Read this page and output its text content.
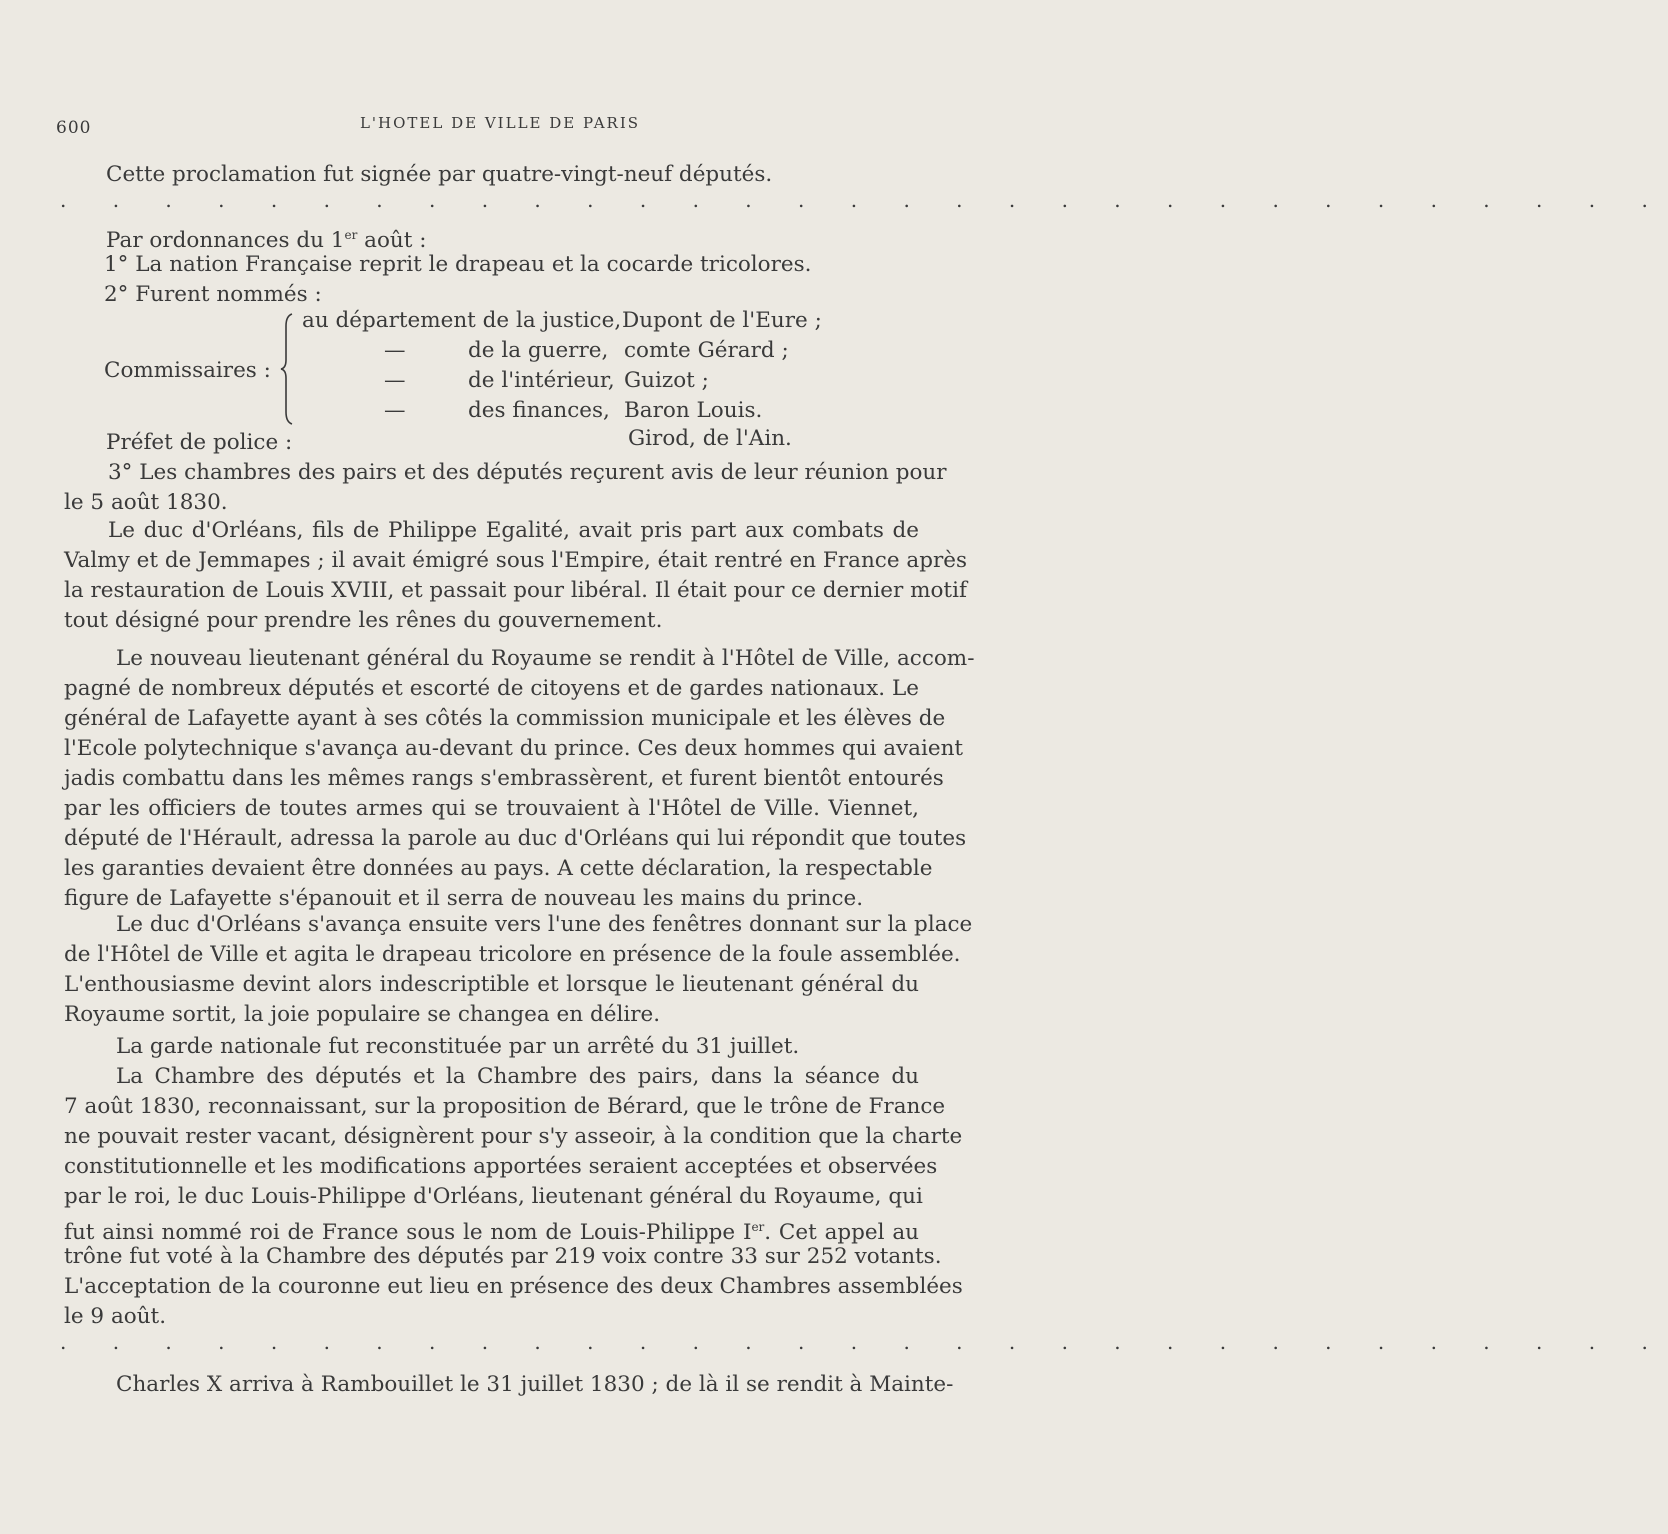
600	L'HOTEL DE VILLE DE PARIS
Cette proclamation fut signée par quatre-vingt-neuf députés.
. . . . . . . . . . . . . . . . . . . . . . . . . . . . . . .
Par ordonnances du 1er août :
1° La nation Française reprit le drapeau et la cocarde tricolores.
2° Furent nommés :
Commissaires :
au département de la justice, Dupont de l'Eure ;
—	de la guerre, comte Gérard ;
—	de l'intérieur, Guizot ;
—	des finances, Baron Louis.
Préfet de police :	Girod, de l'Ain.
3° Les chambres des pairs et des députés reçurent avis de leur réunion pour
le 5 août 1830.
Le duc d'Orléans, fils de Philippe Egalité, avait pris part aux combats de
Valmy et de Jemmapes ; il avait émigré sous l'Empire, était rentré en France après
la restauration de Louis XVIII, et passait pour libéral. Il était pour ce dernier motif
tout désigné pour prendre les rênes du gouvernement.
Le nouveau lieutenant général du Royaume se rendit à l'Hôtel de Ville, accom-
pagné de nombreux députés et escorté de citoyens et de gardes nationaux. Le
général de Lafayette ayant à ses côtés la commission municipale et les élèves de
l'Ecole polytechnique s'avança au-devant du prince. Ces deux hommes qui avaient
jadis combattu dans les mêmes rangs s'embrassèrent, et furent bientôt entourés
par les officiers de toutes armes qui se trouvaient à l'Hôtel de Ville. Viennet,
député de l'Hérault, adressa la parole au duc d'Orléans qui lui répondit que toutes
les garanties devaient être données au pays. A cette déclaration, la respectable
figure de Lafayette s'épanouit et il serra de nouveau les mains du prince.
Le duc d'Orléans s'avança ensuite vers l'une des fenêtres donnant sur la place
de l'Hôtel de Ville et agita le drapeau tricolore en présence de la foule assemblée.
L'enthousiasme devint alors indescriptible et lorsque le lieutenant général du
Royaume sortit, la joie populaire se changea en délire.
La garde nationale fut reconstituée par un arrêté du 31 juillet.
La Chambre des députés et la Chambre des pairs, dans la séance du
7 août 1830, reconnaissant, sur la proposition de Bérard, que le trône de France
ne pouvait rester vacant, désignèrent pour s'y asseoir, à la condition que la charte
constitutionnelle et les modifications apportées seraient acceptées et observées
par le roi, le duc Louis-Philippe d'Orléans, lieutenant général du Royaume, qui
fut ainsi nommé roi de France sous le nom de Louis-Philippe Ier. Cet appel au
trône fut voté à la Chambre des députés par 219 voix contre 33 sur 252 votants.
L'acceptation de la couronne eut lieu en présence des deux Chambres assemblées
le 9 août.
. . . . . . . . . . . . . . . . . . . . . . . . . . . . . . .
Charles X arriva à Rambouillet le 31 juillet 1830 ; de là il se rendit à Mainte-
